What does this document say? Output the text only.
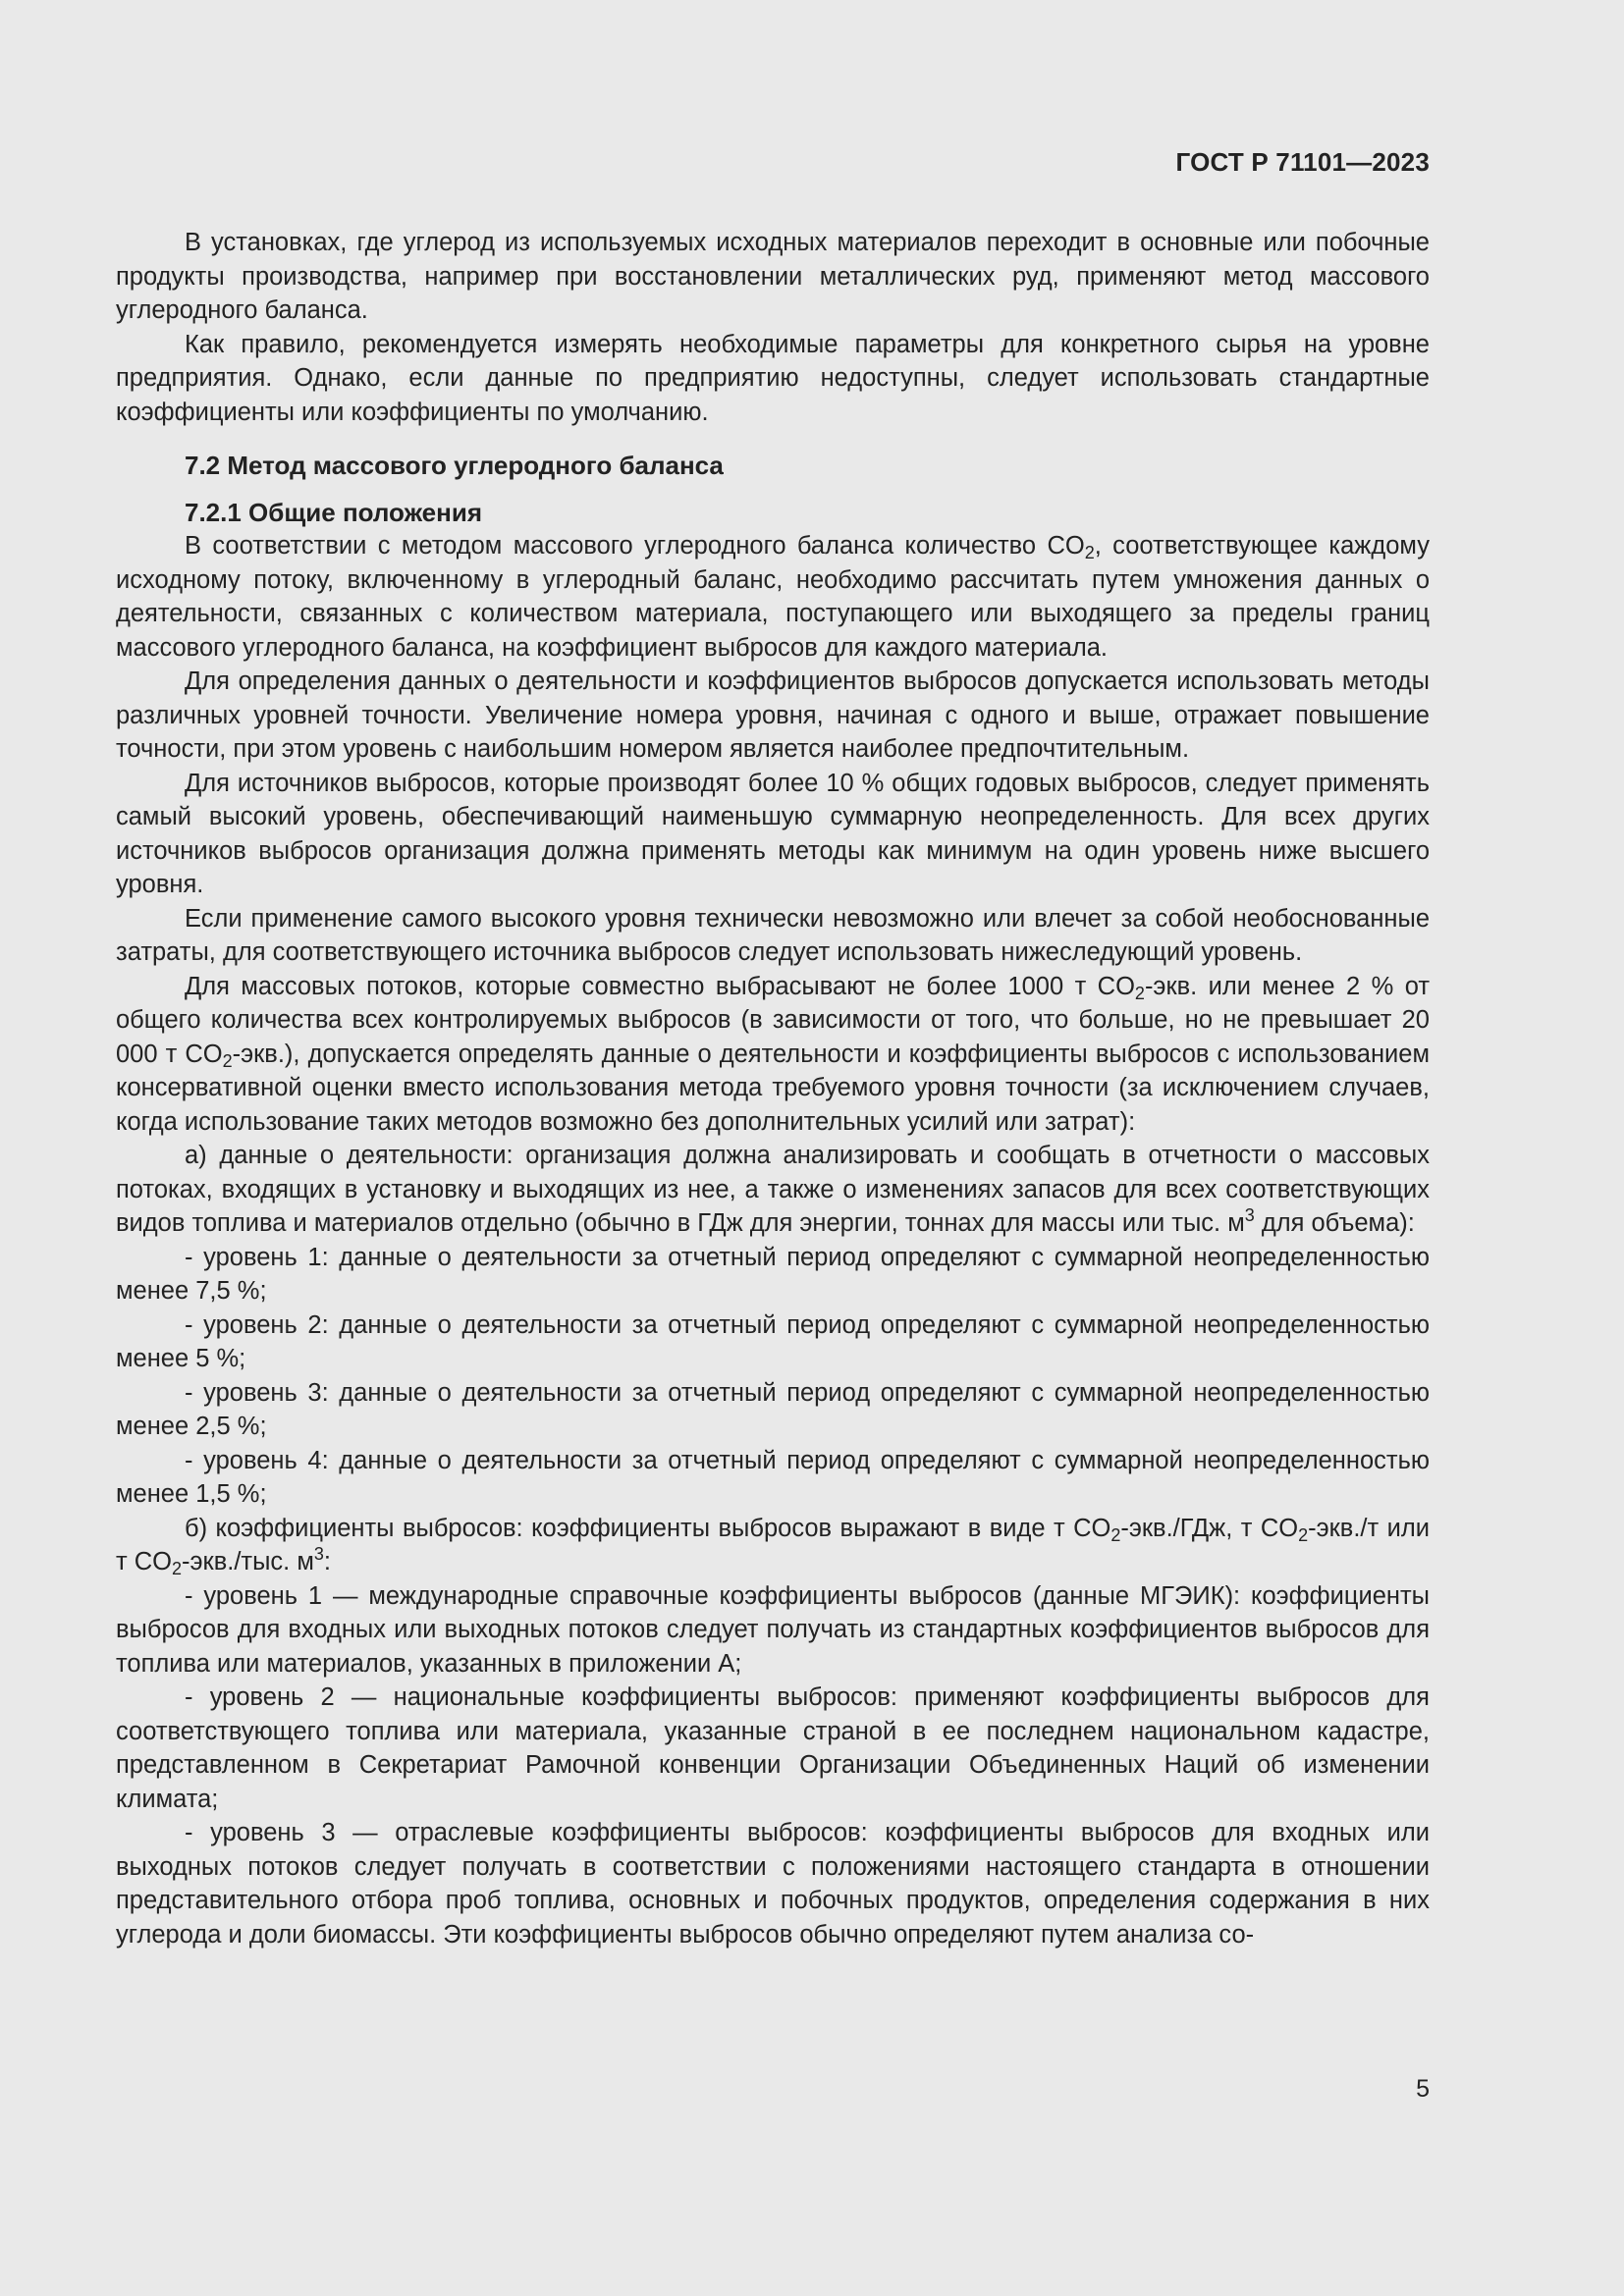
ГОСТ Р 71101—2023

В установках, где углерод из используемых исходных материалов переходит в основные или побочные продукты производства, например при восстановлении металлических руд, применяют метод массового углеродного баланса.

Как правило, рекомендуется измерять необходимые параметры для конкретного сырья на уровне предприятия. Однако, если данные по предприятию недоступны, следует использовать стандартные коэффициенты или коэффициенты по умолчанию.

7.2 Метод массового углеродного баланса
7.2.1 Общие положения

В соответствии с методом массового углеродного баланса количество $CO_2$, соответствующее каждому исходному потоку, включенному в углеродный баланс, необходимо рассчитать путем умножения данных о деятельности, связанных с количеством материала, поступающего или выходящего за пределы границ массового углеродного баланса, на коэффициент выбросов для каждого материала.

Для определения данных о деятельности и коэффициентов выбросов допускается использовать методы различных уровней точности. Увеличение номера уровня, начиная с одного и выше, отражает повышение точности, при этом уровень с наибольшим номером является наиболее предпочтительным.

Для источников выбросов, которые производят более 10 % общих годовых выбросов, следует применять самый высокий уровень, обеспечивающий наименьшую суммарную неопределенность. Для всех других источников выбросов организация должна применять методы как минимум на один уровень ниже высшего уровня.

Если применение самого высокого уровня технически невозможно или влечет за собой необоснованные затраты, для соответствующего источника выбросов следует использовать нижеследующий уровень.

Для массовых потоков, которые совместно выбрасывают не более 1000 т $CO_2$-экв. или менее 2 % от общего количества всех контролируемых выбросов (в зависимости от того, что больше, но не превышает 20 000 т $CO_2-экв$.), допускается определять данные о деятельности и коэффициенты выбросов с использованием консервативной оценки вместо использования метода требуемого уровня точности (за исключением случаев, когда использование таких методов возможно без дополнительных усилий или затрат):

а) данные о деятельности: организация должна анализировать и сообщать в отчетности о массовых потоках, входящих в установку и выходящих из нее, а также о изменениях запасов для всех соответствующих видов топлива и материалов отдельно (обычно в ГДж для энергии, тоннах для массы или тыс. $м^3$ для объема):

- уровень 1: данные о деятельности за отчетный период определяют с суммарной неопределенностью менее 7,5 %;

- уровень 2: данные о деятельности за отчетный период определяют с суммарной неопределенностью менее 5 %;

- уровень 3: данные о деятельности за отчетный период определяют с суммарной неопределенностью менее 2,5 %;

- уровень 4: данные о деятельности за отчетный период определяют с суммарной неопределенностью менее 1,5 %;

б) коэффициенты выбросов: коэффициенты выбросов выражают в виде т $CO_2-экв$./ГДж, т $CO_2-экв./т$ или т $CO_2-экв$./тыс. $м^3$:

- уровень 1 — международные справочные коэффициенты выбросов (данные МГЭИК): коэффициенты выбросов для входных или выходных потоков следует получать из стандартных коэффициентов выбросов для топлива или материалов, указанных в приложении А;

- уровень 2 — национальные коэффициенты выбросов: применяют коэффициенты выбросов для соответствующего топлива или материала, указанные страной в ее последнем национальном кадастре, представленном в Секретариат Рамочной конвенции Организации Объединенных Наций об изменении климата;

- уровень 3 — отраслевые коэффициенты выбросов: коэффициенты выбросов для входных или выходных потоков следует получать в соответствии с положениями настоящего стандарта в отношении представительного отбора проб топлива, основных и побочных продуктов, определения содержания в них углерода и доли биомассы. Эти коэффициенты выбросов обычно определяют путем анализа со-

5
